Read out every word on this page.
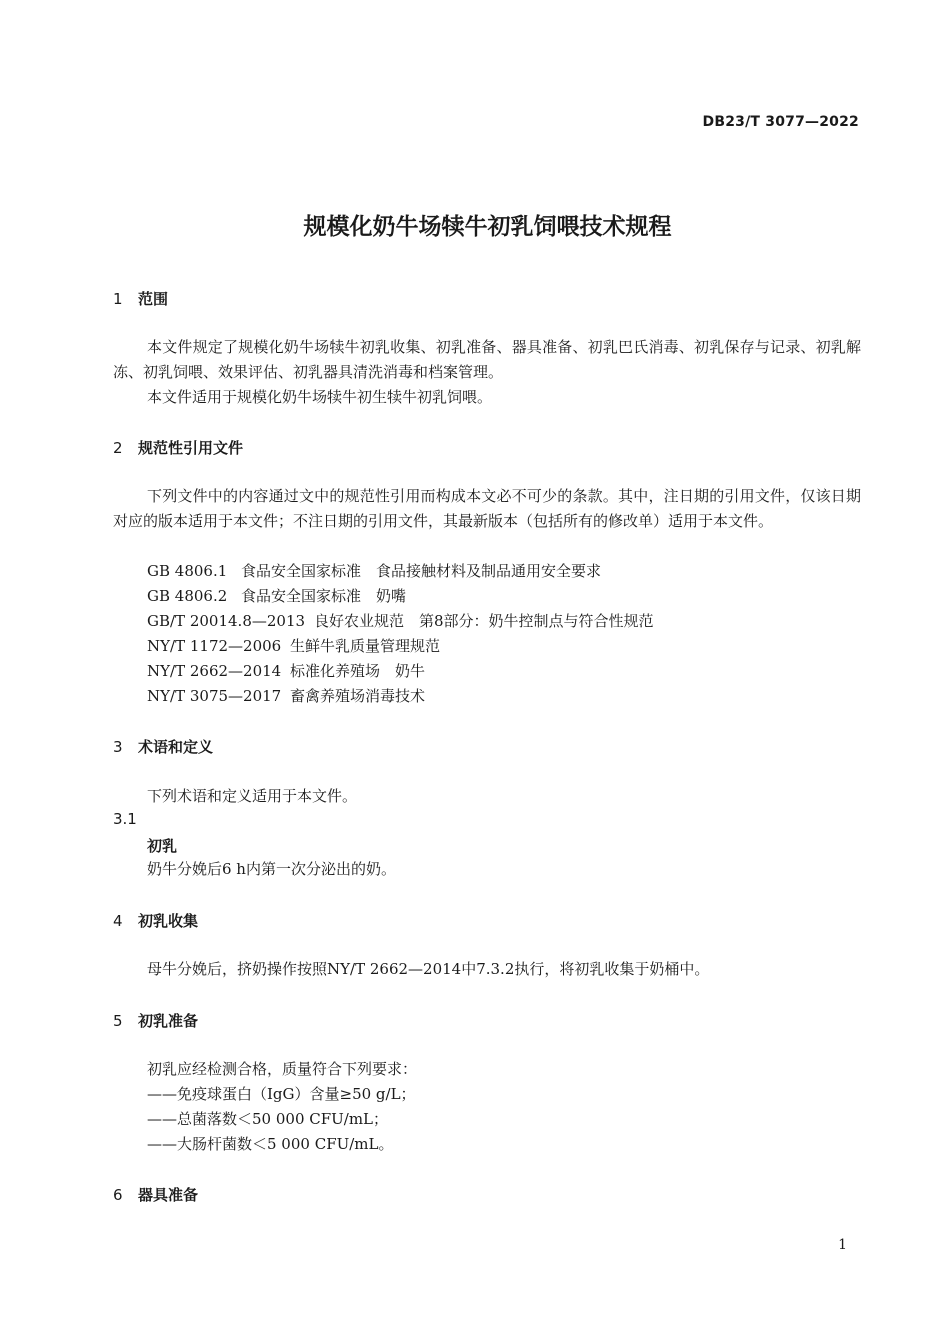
DB23/T 3077—2022
规模化奶牛场犊牛初乳饲喂技术规程
1 范围
本文件规定了规模化奶牛场犊牛初乳收集、初乳准备、器具准备、初乳巴氏消毒、初乳保存与记录、初乳解冻、初乳饲喂、效果评估、初乳器具清洗消毒和档案管理。
本文件适用于规模化奶牛场犊牛初生犊牛初乳饲喂。
2 规范性引用文件
下列文件中的内容通过文中的规范性引用而构成本文必不可少的条款。其中，注日期的引用文件，仅该日期对应的版本适用于本文件；不注日期的引用文件，其最新版本（包括所有的修改单）适用于本文件。
GB 4806.1 食品安全国家标准　食品接触材料及制品通用安全要求
GB 4806.2 食品安全国家标准　奶嘴
GB/T 20014.8—2013 良好农业规范　第8部分：奶牛控制点与符合性规范
NY/T 1172—2006 生鲜牛乳质量管理规范
NY/T 2662—2014 标准化养殖场　奶牛
NY/T 3075—2017 畜禽养殖场消毒技术
3 术语和定义
下列术语和定义适用于本文件。
3.1
初乳
奶牛分娩后6 h内第一次分泌出的奶。
4 初乳收集
母牛分娩后，挤奶操作按照NY/T 2662—2014中7.3.2执行，将初乳收集于奶桶中。
5 初乳准备
初乳应经检测合格，质量符合下列要求：
——免疫球蛋白（IgG）含量≥50 g/L；
——总菌落数＜50 000 CFU/mL；
——大肠杆菌数＜5 000 CFU/mL。
6 器具准备
1
